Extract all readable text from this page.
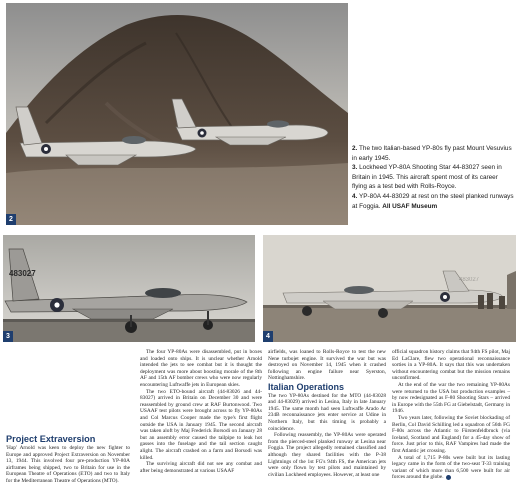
2

2. The two Italian-based YP-80s fly past Mount Vesuvius in early 1945.

3. Lockheed YP-80A Shooting Star 44-83027 seen in Britain in 1945. This aircraft spent most of its career flying as a test bed with Rolls-Royce.

4. YP-80A 44-83029 at rest on the steel planked runways at Foggia. All USAF Museum

483027
3
483027
4
Project Extraversion

'Hap' Arnold was keen to deploy the new fighter to Europe and approved Project Extraversion on November 13, 1944. This involved four pre-production YP-80A airframes being shipped, two to Britain for use in the European Theatre of Operations (ETO) and two to Italy for the Mediterranean Theatre of Operations (MTO).

The four YP-80As were disassembled, put in boxes and loaded onto ships. It is unclear whether Arnold intended the jets to see combat but it is thought the deployment was more about boosting morale of the 8th AF and 15th AF bomber crews who were now regularly encountering Luftwaffe jets in European skies.

The two ETO-bound aircraft (44-83026 and 44-83027) arrived in Britain on December 30 and were reassembled by ground crew at RAF Burtonwood. Two USAAF test pilots were brought across to fly YP-80As and Col Marcus Cooper made the type's first flight outside the USA in January 1945. The second aircraft was taken aloft by Maj Frederick Borsodi on January 28 but an assembly error caused the tailpipe to leak hot gasses into the fuselage and the tail section caught alight. The aircraft crashed on a farm and Borsodi was killed.

The surviving aircraft did not see any combat and after being demonstrated at various USAAF

airfields, was loaned to Rolls-Royce to test the new Nene turbojet engine. It survived the war but was destroyed on November 14, 1945 when it crashed following an engine failure near Syerston, Nottinghamshire.

Italian Operations

The two YP-80As destined for the MTO (44-83028 and 44-83029) arrived in Lesina, Italy in late January 1945. The same month had seen Luftwaffe Arado Ar 234B reconnaissance jets enter service at Udine in Northern Italy, but this timing is probably a coincidence.

Following reassembly, the YP-80As were operated from the pierced-steel planked runway at Lesina near Foggia. The project allegedly remained classified and although they shared facilities with the P-38 Lightnings of the 1st FG's 94th FS, the American jets were only flown by test pilots and maintained by civilian Lockheed employees. However, at least one

official squadron history claims that 94th FS pilot, Maj Ed LaClare, flew two operational reconnaissance sorties in a YP-80A. It says that this was undertaken without encountering combat but the mission remains unconfirmed.

At the end of the war the two remaining YP-80As were returned to the USA but production examples – by now redesignated as F-80 Shooting Stars – arrived in Europe with the 55th FG at Giebelstadt, Germany in 1946.

Two years later, following the Soviet blockading of Berlin, Col David Schilling led a squadron of 56th FG F-80s across the Atlantic to Fürstenfeldbruck (via Iceland, Scotland and England) for a 45-day show of force. Just prior to this, RAF Vampires had made the first Atlantic jet crossing.

A total of 1,715 P-80s were built but its lasting legacy came in the form of the two-seat T-33 training variant of which more than 6,500 were built for air forces around the globe.
